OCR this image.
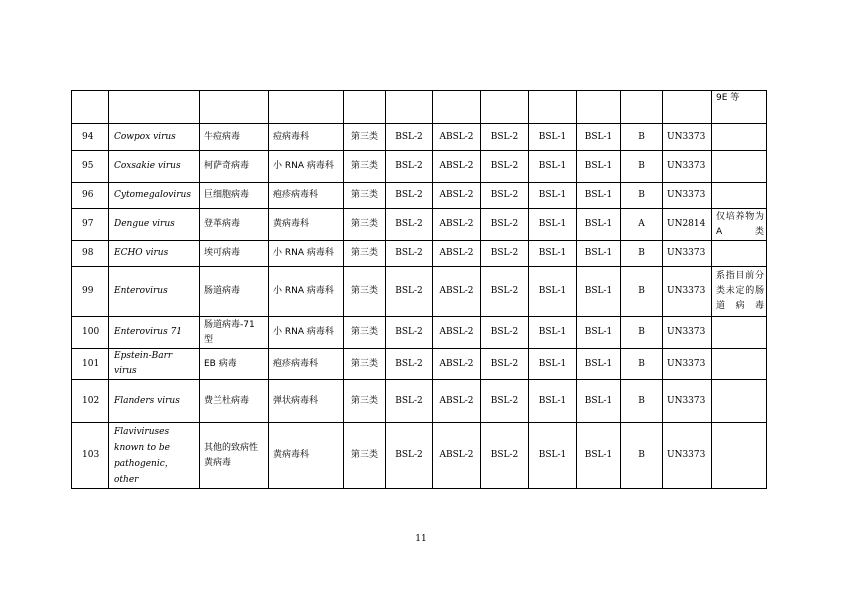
												9E 等
94	Cowpox virus	牛痘病毒	痘病毒科	第三类	BSL-2	ABSL-2	BSL-2	BSL-1	BSL-1	B	UN3373	
95	Coxsakie virus	柯萨奇病毒	小 RNA 病毒科	第三类	BSL-2	ABSL-2	BSL-2	BSL-1	BSL-1	B	UN3373	
96	Cytomegalovirus	巨细胞病毒	疱疹病毒科	第三类	BSL-2	ABSL-2	BSL-2	BSL-1	BSL-1	B	UN3373	
97	Dengue virus	登革病毒	黄病毒科	第三类	BSL-2	ABSL-2	BSL-2	BSL-1	BSL-1	A	UN2814	仅培养物为 A 类
98	ECHO virus	埃可病毒	小 RNA 病毒科	第三类	BSL-2	ABSL-2	BSL-2	BSL-1	BSL-1	B	UN3373	
99	Enterovirus	肠道病毒	小 RNA 病毒科	第三类	BSL-2	ABSL-2	BSL-2	BSL-1	BSL-1	B	UN3373	系指目前分类未定的肠道病毒
100	Enterovirus 71	肠道病毒-71 型	小 RNA 病毒科	第三类	BSL-2	ABSL-2	BSL-2	BSL-1	BSL-1	B	UN3373	
101	Epstein-Barr virus	EB 病毒	疱疹病毒科	第三类	BSL-2	ABSL-2	BSL-2	BSL-1	BSL-1	B	UN3373	
102	Flanders virus	费兰杜病毒	弹状病毒科	第三类	BSL-2	ABSL-2	BSL-2	BSL-1	BSL-1	B	UN3373	
103	Flaviviruses known to be pathogenic，other	其他的致病性黄病毒	黄病毒科	第三类	BSL-2	ABSL-2	BSL-2	BSL-1	BSL-1	B	UN3373	
11
